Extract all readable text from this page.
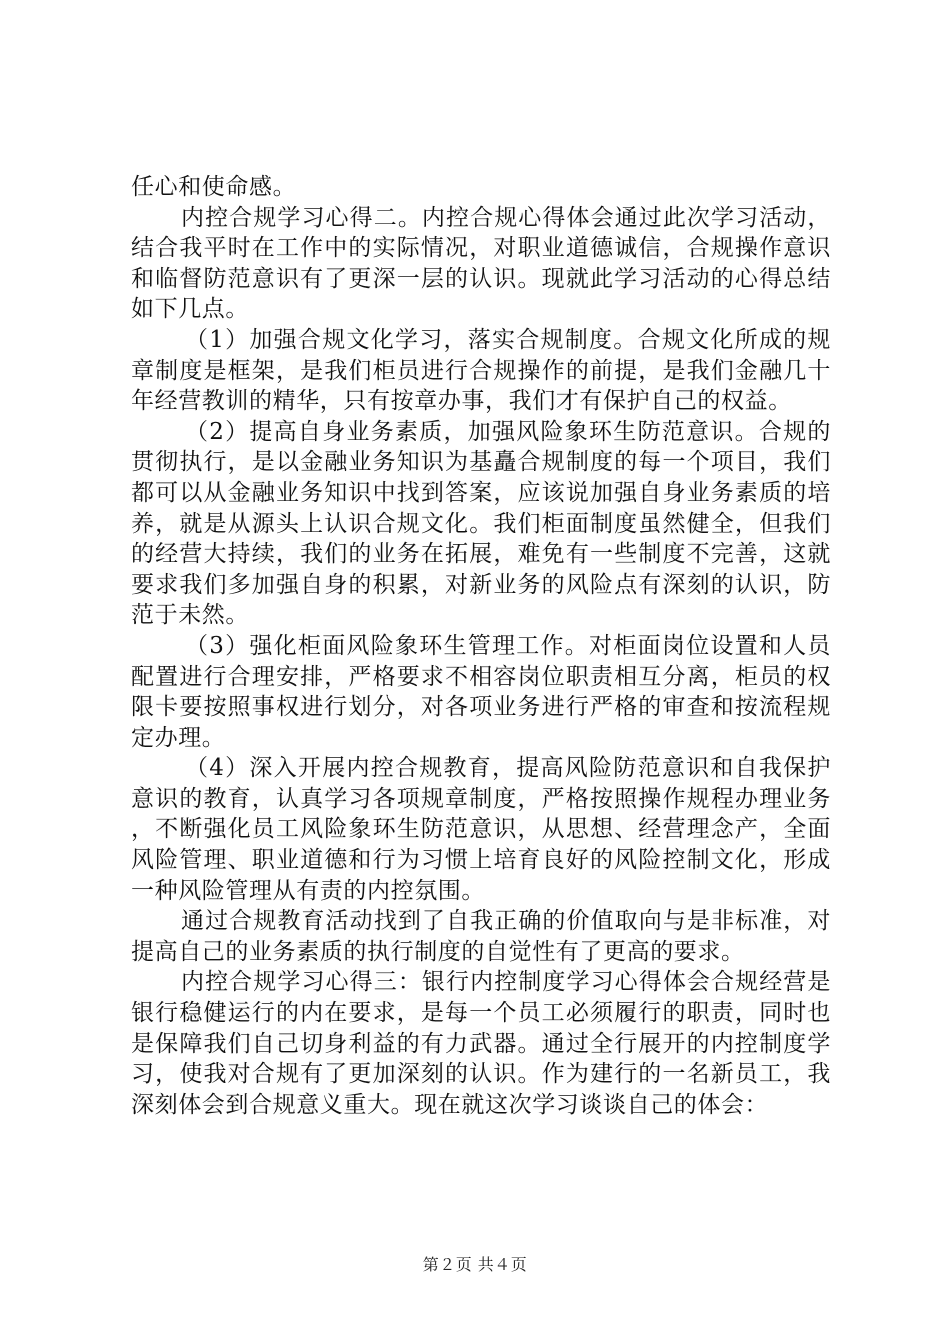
任心和使命感。

内控合规学习心得二。内控合规心得体会通过此次学习活动，结合我平时在工作中的实际情况，对职业道德诚信，合规操作意识和临督防范意识有了更深一层的认识。现就此学习活动的心得总结如下几点。

（1）加强合规文化学习，落实合规制度。合规文化所成的规章制度是框架，是我们柜员进行合规操作的前提，是我们金融几十年经营教训的精华，只有按章办事，我们才有保护自己的权益。

（2）提高自身业务素质，加强风险象环生防范意识。合规的贯彻执行，是以金融业务知识为基矗合规制度的每一个项目，我们都可以从金融业务知识中找到答案，应该说加强自身业务素质的培养，就是从源头上认识合规文化。我们柜面制度虽然健全，但我们的经营大持续，我们的业务在拓展，难免有一些制度不完善，这就要求我们多加强自身的积累，对新业务的风险点有深刻的认识，防范于未然。

（3）强化柜面风险象环生管理工作。对柜面岗位设置和人员配置进行合理安排，严格要求不相容岗位职责相互分离，柜员的权限卡要按照事权进行划分，对各项业务进行严格的审查和按流程规定办理。

（4）深入开展内控合规教育，提高风险防范意识和自我保护意识的教育，认真学习各项规章制度，严格按照操作规程办理业务，不断强化员工风险象环生防范意识，从思想、经营理念产，全面风险管理、职业道德和行为习惯上培育良好的风险控制文化，形成一种风险管理从有责的内控氛围。

通过合规教育活动找到了自我正确的价值取向与是非标准，对提高自己的业务素质的执行制度的自觉性有了更高的要求。

内控合规学习心得三：银行内控制度学习心得体会合规经营是银行稳健运行的内在要求，是每一个员工必须履行的职责，同时也是保障我们自己切身利益的有力武器。通过全行展开的内控制度学习，使我对合规有了更加深刻的认识。作为建行的一名新员工，我深刻体会到合规意义重大。现在就这次学习谈谈自己的体会：

第２页 共４页
